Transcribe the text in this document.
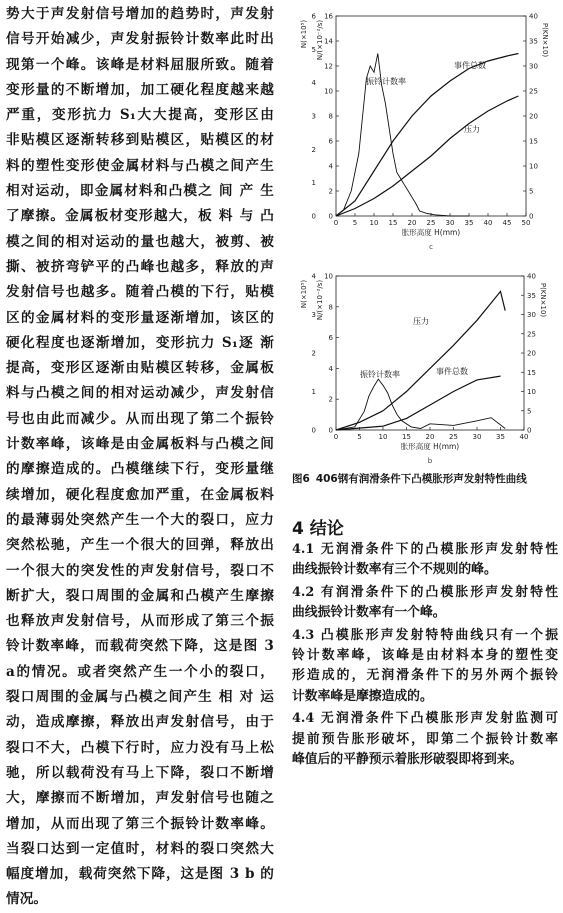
势大于声发射信号增加的趋势时，声发射
信号开始减少，声发射振铃计数率此时出
现第一个峰。该峰是材料屈服所致。随着
变形量的不断增加，加工硬化程度越来越
严重，变形抗力 S₁大大提高，变形区由
非贴模区逐渐转移到贴模区，贴模区的材
料的塑性变形使金属材料与凸模之间产生
相对运动，即金属材料和凸模之 间 产 生
了摩擦。金属板材变形越大，板 料 与 凸
模之间的相对运动的量也越大，被剪、被
撕、被挤弯铲平的凸峰也越多，释放的声
发射信号也越多。随着凸模的下行，贴模
区的金属材料的变形量逐渐增加，该区的
硬化程度也逐渐增加，变形抗力 S₁逐 渐
提高，变形区逐渐由贴模区转移，金属板
料与凸模之间的相对运动减少，声发射信
号也由此而减少。从而出现了第二个振铃
计数率峰，该峰是由金属板料与凸模之间
的摩擦造成的。凸模继续下行，变形量继
续增加，硬化程度愈加严重，在金属板料
的最薄弱处突然产生一个大的裂口，应力
突然松驰，产生一个很大的回弹，释放出
一个很大的突发性的声发射信号，裂口不
断扩大，裂口周围的金属和凸模产生摩擦
也释放声发射信号，从而形成了第三个振
铃计数率峰，而载荷突然下降，这是图 3
a的情况。或者突然产生一个小的裂口，
裂口周围的金属与凸模之间产生 相 对 运
动，造成摩擦，释放出声发射信号，由于
裂口不大，凸模下行时，应力没有马上松
驰，所以载荷没有马上下降，裂口不断增
大，摩擦而不断增加，声发射信号也随之
增加，从而出现了第三个振铃计数率峰。
当裂口达到一定值时，材料的裂口突然大
幅度增加，载荷突然下降，这是图 3 b 的
情况。
0 5 10 15 20 25 30 35 40 45 50
0
2
4
6
8
10
12
14
16
0
1
2
3
4
5
6
0
5
10
15
20
25
30
35
40
胀形高度 H(mm)
c
N(×10⁵) N/(×10⁻²/s)	P(KN×10)
振铃计数率
事件总数
压力
0	5 10 15 20 25 30 35 40
0
2
4
6
8
10
0
1
2
3
4
0
5
10
15
20
25
30
35
40
胀形高度 H(mm)
b
N(×10⁵) N/(×10⁻²/s)	P(KN×10)
振铃计数率	事件总数
压力
图6 406钢有润滑条件下凸模胀形声发射特性曲线
4 结论
4.1 无润滑条件下的凸模胀形声发射特性
曲线振铃计数率有三个不规则的峰。
4.2 有润滑条件下的凸模胀形声发射特性
曲线振铃计数率有一个峰。
4.3 凸模胀形声发射特特曲线只有一个振
铃计数率峰，该峰是由材料本身的塑性变
形造成的，无润滑条件下的另外两个振铃
计数率峰是摩擦造成的。
4.4 无润滑条件下凸模胀形声发射监测可
提前预告胀形破坏，即第二个振铃计数率
峰值后的平静预示着胀形破裂即将到来。
